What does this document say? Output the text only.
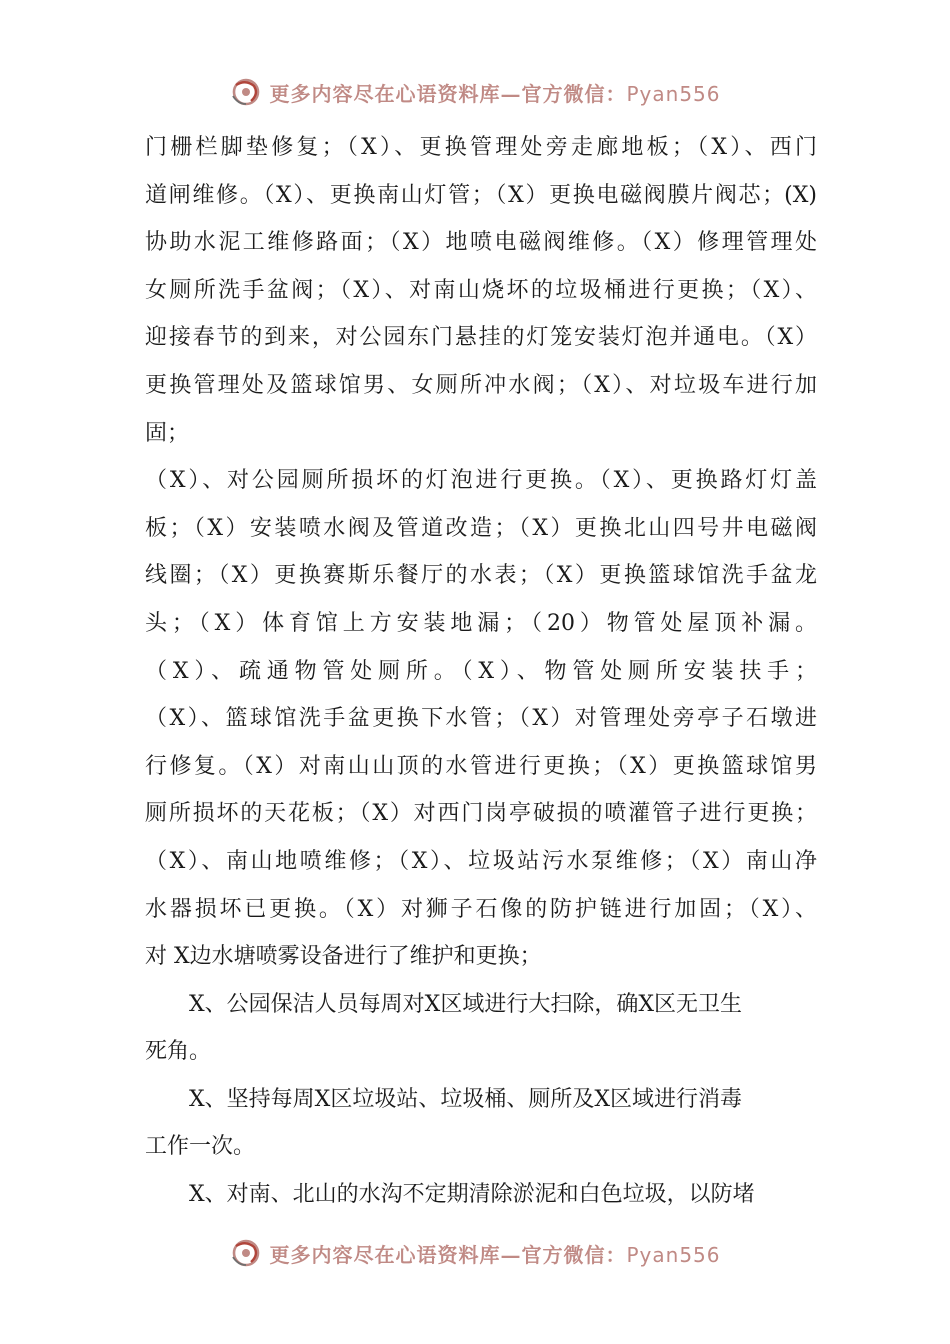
更多内容尽在心语资料库—官方微信：Pyan556
门栅栏脚垫修复；（X）、更换管理处旁走廊地板；（X）、西门
道闸维修。（X）、更换南山灯管；（X）更换电磁阀膜片阀芯；(X)
协助水泥工维修路面；（X）地喷电磁阀维修。（X）修理管理处
女厕所洗手盆阀；（X）、对南山烧坏的垃圾桶进行更换；（X）、
迎接春节的到来，对公园东门悬挂的灯笼安装灯泡并通电。（X）
更换管理处及篮球馆男、女厕所冲水阀；（X）、对垃圾车进行加
固；
（X）、对公园厕所损坏的灯泡进行更换。（X）、更换路灯灯盖
板；（X）安装喷水阀及管道改造；（X）更换北山四号井电磁阀
线圈；（X）更换赛斯乐餐厅的水表；（X）更换篮球馆洗手盆龙
头；（X）体育馆上方安装地漏；（20）物管处屋顶补漏。
（X）、疏通物管处厕所。（X）、物管处厕所安装扶手；
（X）、篮球馆洗手盆更换下水管；（X）对管理处旁亭子石墩进
行修复。（X）对南山山顶的水管进行更换；（X）更换篮球馆男
厕所损坏的天花板；（X）对西门岗亭破损的喷灌管子进行更换；
（X）、南山地喷维修；（X）、垃圾站污水泵维修；（X）南山净
水器损坏已更换。（X）对狮子石像的防护链进行加固；（X）、
对 X边水塘喷雾设备进行了维护和更换；
X、公园保洁人员每周对X区域进行大扫除，确X区无卫生
死角。
X、坚持每周X区垃圾站、垃圾桶、厕所及X区域进行消毒
工作一次。
X、对南、北山的水沟不定期清除淤泥和白色垃圾，以防堵
更多内容尽在心语资料库—官方微信：Pyan556
